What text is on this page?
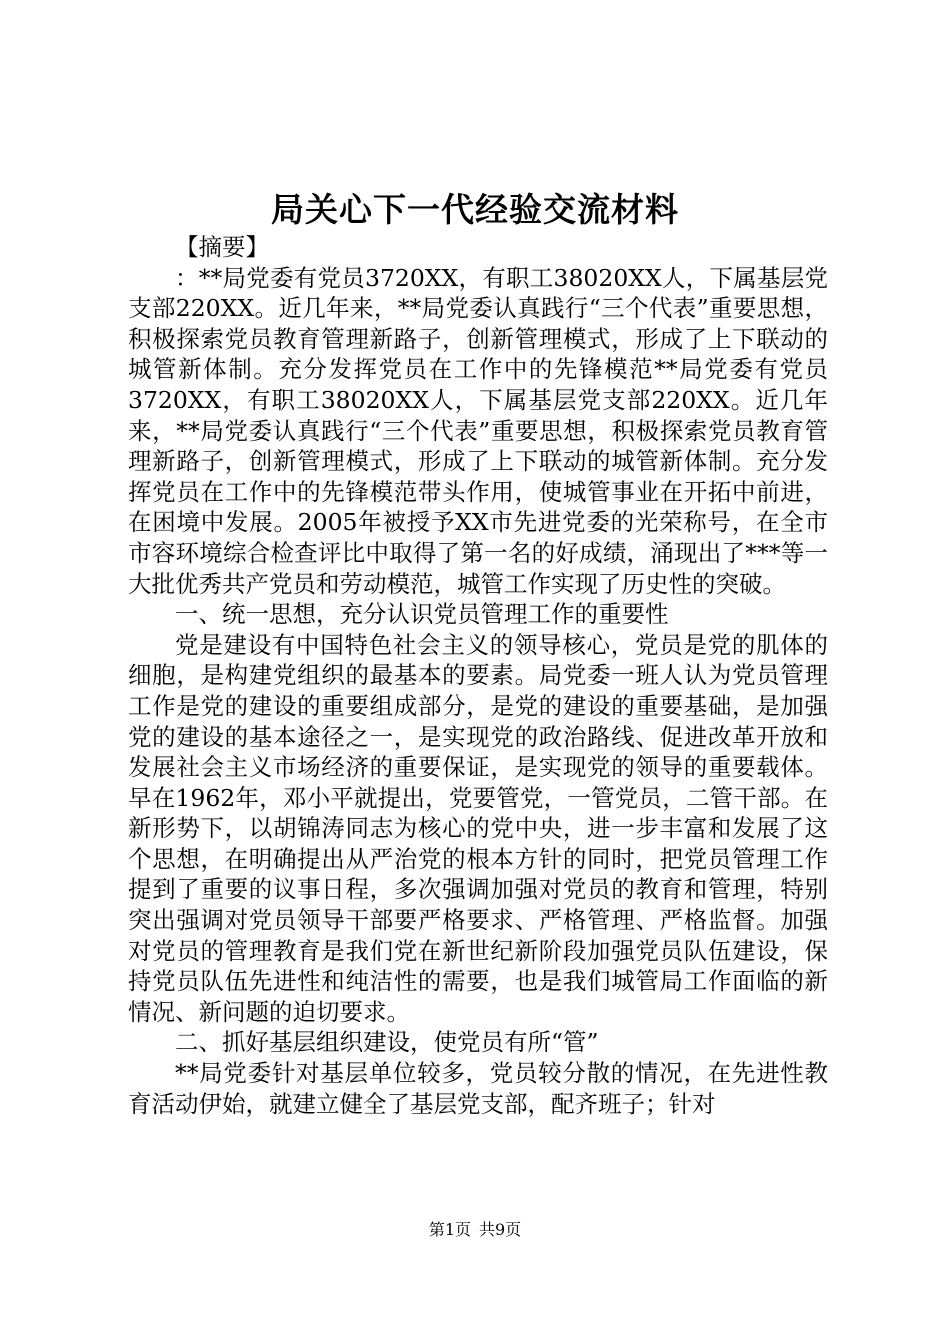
局关心下一代经验交流材料

【摘要】

：**局党委有党员3720XX，有职工38020XX人，下属基层党支部220XX。近几年来，**局党委认真践行“三个代表”重要思想，积极探索党员教育管理新路子，创新管理模式，形成了上下联动的城管新体制。充分发挥党员在工作中的先锋模范**局党委有党员3720XX，有职工38020XX人，下属基层党支部220XX。近几年来，**局党委认真践行“三个代表”重要思想，积极探索党员教育管理新路子，创新管理模式，形成了上下联动的城管新体制。充分发挥党员在工作中的先锋模范带头作用，使城管事业在开拓中前进，在困境中发展。2005年被授予XX市先进党委的光荣称号，在全市市容环境综合检查评比中取得了第一名的好成绩，涌现出了***等一大批优秀共产党员和劳动模范，城管工作实现了历史性的突破。

一、统一思想，充分认识党员管理工作的重要性

党是建设有中国特色社会主义的领导核心，党员是党的肌体的细胞，是构建党组织的最基本的要素。局党委一班人认为党员管理工作是党的建设的重要组成部分，是党的建设的重要基础，是加强党的建设的基本途径之一，是实现党的政治路线、促进改革开放和发展社会主义市场经济的重要保证，是实现党的领导的重要载体。早在1962年，邓小平就提出，党要管党，一管党员，二管干部。在新形势下，以胡锦涛同志为核心的党中央，进一步丰富和发展了这个思想，在明确提出从严治党的根本方针的同时，把党员管理工作提到了重要的议事日程，多次强调加强对党员的教育和管理，特别突出强调对党员领导干部要严格要求、严格管理、严格监督。加强对党员的管理教育是我们党在新世纪新阶段加强党员队伍建设，保持党员队伍先进性和纯洁性的需要，也是我们城管局工作面临的新情况、新问题的迫切要求。

二、抓好基层组织建设，使党员有所“管”

**局党委针对基层单位较多，党员较分散的情况，在先进性教育活动伊始，就建立健全了基层党支部，配齐班子；针对

第1页 共9页
